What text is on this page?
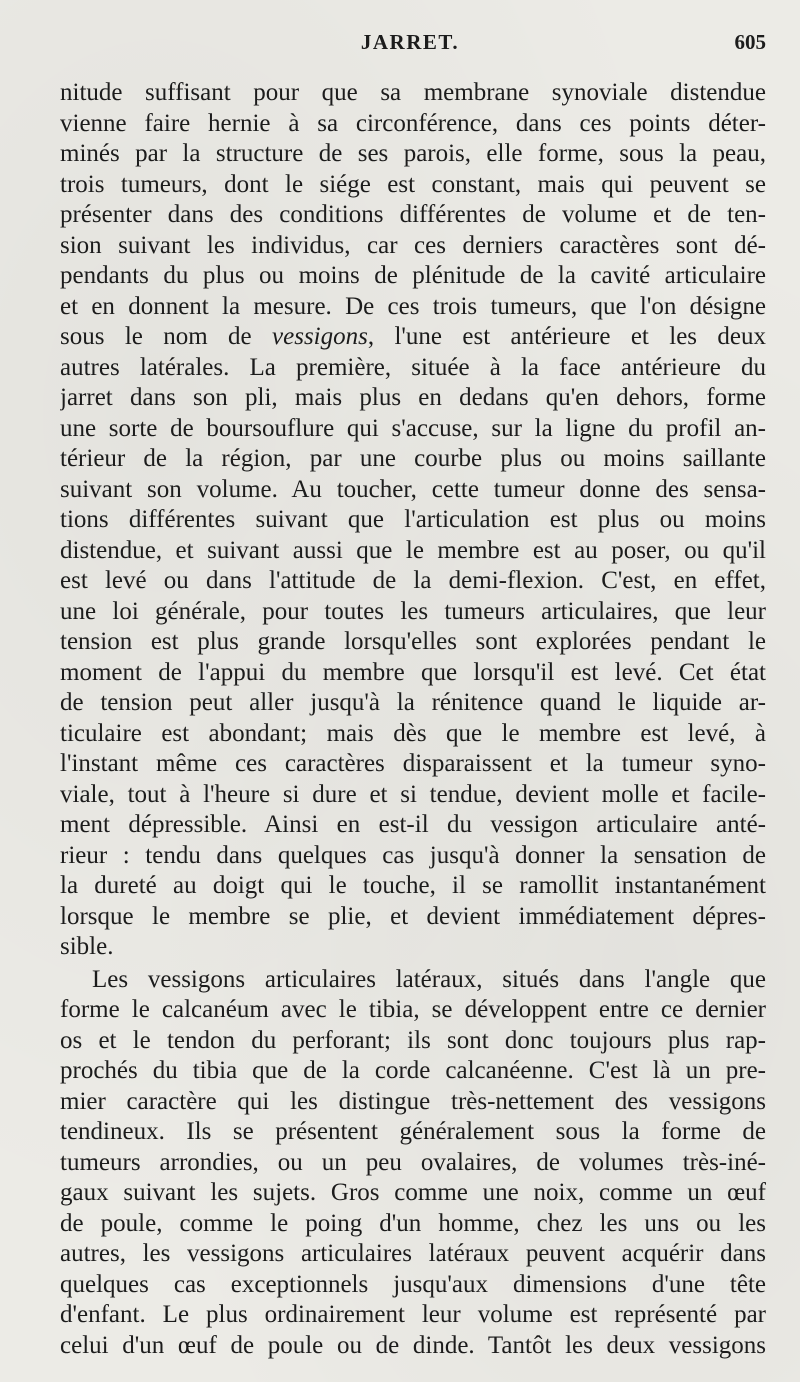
JARRET.	605
nitude suffisant pour que sa membrane synoviale distendue
vienne faire hernie à sa circonférence, dans ces points déter-
minés par la structure de ses parois, elle forme, sous la peau,
trois tumeurs, dont le siége est constant, mais qui peuvent se
présenter dans des conditions différentes de volume et de ten-
sion suivant les individus, car ces derniers caractères sont dé-
pendants du plus ou moins de plénitude de la cavité articulaire
et en donnent la mesure. De ces trois tumeurs, que l'on désigne
sous le nom de vessigons, l'une est antérieure et les deux
autres latérales. La première, située à la face antérieure du
jarret dans son pli, mais plus en dedans qu'en dehors, forme
une sorte de boursouflure qui s'accuse, sur la ligne du profil an-
térieur de la région, par une courbe plus ou moins saillante
suivant son volume. Au toucher, cette tumeur donne des sensa-
tions différentes suivant que l'articulation est plus ou moins
distendue, et suivant aussi que le membre est au poser, ou qu'il
est levé ou dans l'attitude de la demi-flexion. C'est, en effet,
une loi générale, pour toutes les tumeurs articulaires, que leur
tension est plus grande lorsqu'elles sont explorées pendant le
moment de l'appui du membre que lorsqu'il est levé. Cet état
de tension peut aller jusqu'à la rénitence quand le liquide ar-
ticulaire est abondant; mais dès que le membre est levé, à
l'instant même ces caractères disparaissent et la tumeur syno-
viale, tout à l'heure si dure et si tendue, devient molle et facile-
ment dépressible. Ainsi en est-il du vessigon articulaire anté-
rieur : tendu dans quelques cas jusqu'à donner la sensation de
la dureté au doigt qui le touche, il se ramollit instantanément
lorsque le membre se plie, et devient immédiatement dépres-
sible.
Les vessigons articulaires latéraux, situés dans l'angle que
forme le calcanéum avec le tibia, se développent entre ce dernier
os et le tendon du perforant; ils sont donc toujours plus rap-
prochés du tibia que de la corde calcanéenne. C'est là un pre-
mier caractère qui les distingue très-nettement des vessigons
tendineux. Ils se présentent généralement sous la forme de
tumeurs arrondies, ou un peu ovalaires, de volumes très-iné-
gaux suivant les sujets. Gros comme une noix, comme un œuf
de poule, comme le poing d'un homme, chez les uns ou les
autres, les vessigons articulaires latéraux peuvent acquérir dans
quelques cas exceptionnels jusqu'aux dimensions d'une tête
d'enfant. Le plus ordinairement leur volume est représenté par
celui d'un œuf de poule ou de dinde. Tantôt les deux vessigons
